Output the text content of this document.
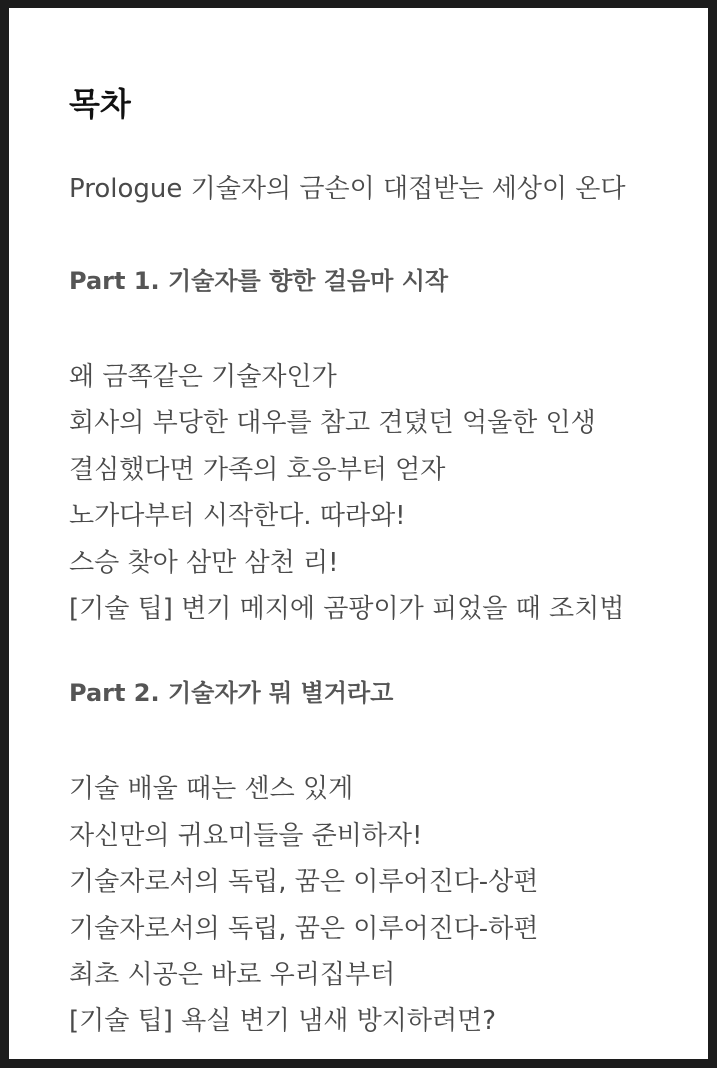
목차
Prologue 기술자의 금손이 대접받는 세상이 온다
Part 1. 기술자를 향한 걸음마 시작
왜 금쪽같은 기술자인가
회사의 부당한 대우를 참고 견뎠던 억울한 인생
결심했다면 가족의 호응부터 얻자
노가다부터 시작한다. 따라와!
스승 찾아 삼만 삼천 리!
[기술 팁] 변기 메지에 곰팡이가 피었을 때 조치법
Part 2. 기술자가 뭐 별거라고
기술 배울 때는 센스 있게
자신만의 귀요미들을 준비하자!
기술자로서의 독립, 꿈은 이루어진다-상편
기술자로서의 독립, 꿈은 이루어진다-하편
최초 시공은 바로 우리집부터
[기술 팁] 욕실 변기 냄새 방지하려면?
